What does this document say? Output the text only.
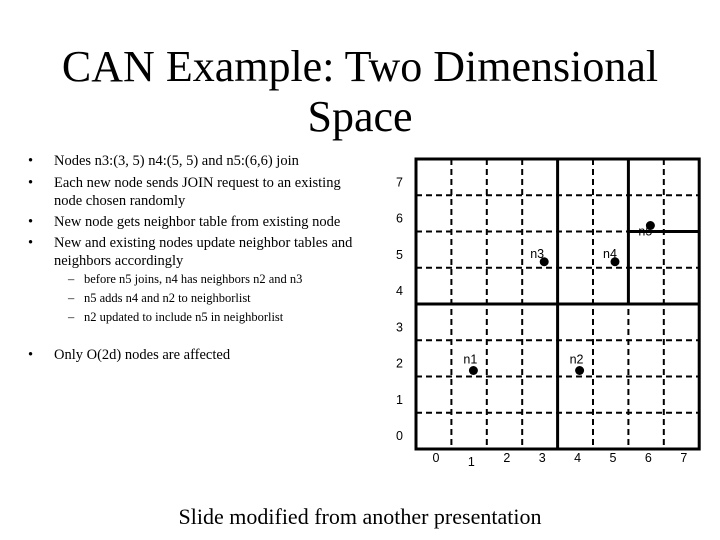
CAN Example: Two Dimensional
Space
• Nodes n3:(3, 5) n4:(5, 5) and n5:(6,6) join
• Each new node sends JOIN request to an existing
node chosen randomly
• New node gets neighbor table from existing node
• New and existing nodes update neighbor tables and
neighbors accordingly
– before n5 joins, n4 has neighbors n2 and n3
– n5 adds n4 and n2 to neighborlist
– n2 updated to include n5 in neighborlist
• Only O(2d) nodes are affected
0 1 2 3 4 5 6 7
0
1
2
3
4
5
6
7
n1	n2
n3	n4
n5
Slide modified from another presentation
